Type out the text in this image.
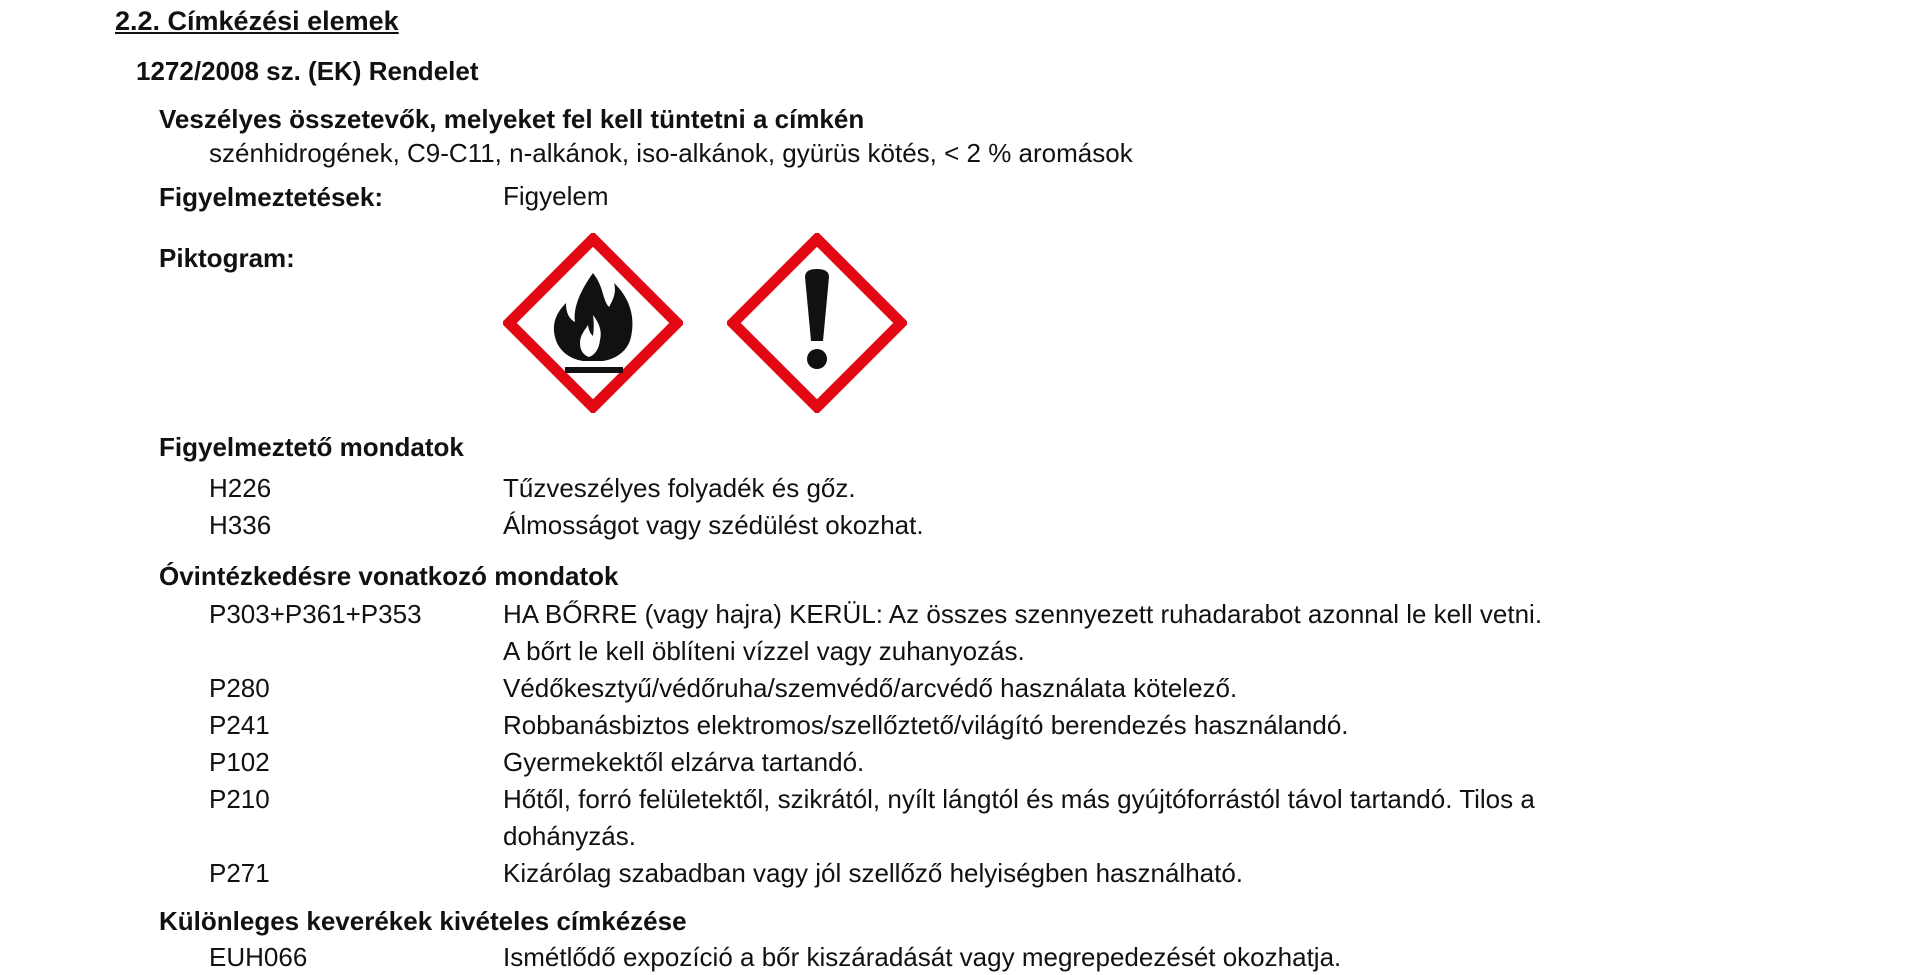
2.2. Címkézési elemek
1272/2008 sz. (EK) Rendelet
Veszélyes összetevők, melyeket fel kell tüntetni a címkén
szénhidrogének, C9-C11, n-alkánok, iso-alkánok, gyürüs kötés, < 2 % aromások
Figyelmeztetések:	Figyelem
Piktogram:
Figyelmeztető mondatok
H226	Tűzveszélyes folyadék és gőz.
H336	Álmosságot vagy szédülést okozhat.
Óvintézkedésre vonatkozó mondatok
P303+P361+P353	HA BŐRRE (vagy hajra) KERÜL: Az összes szennyezett ruhadarabot azonnal le kell vetni.
A bőrt le kell öblíteni vízzel vagy zuhanyozás.
P280	Védőkesztyű/védőruha/szemvédő/arcvédő használata kötelező.
P241	Robbanásbiztos elektromos/szellőztető/világító berendezés használandó.
P102	Gyermekektől elzárva tartandó.
P210	Hőtől, forró felületektől, szikrától, nyílt lángtól és más gyújtóforrástól távol tartandó. Tilos a
dohányzás.
P271	Kizárólag szabadban vagy jól szellőző helyiségben használható.
Különleges keverékek kivételes címkézése
EUH066	Ismétlődő expozíció a bőr kiszáradását vagy megrepedezését okozhatja.
